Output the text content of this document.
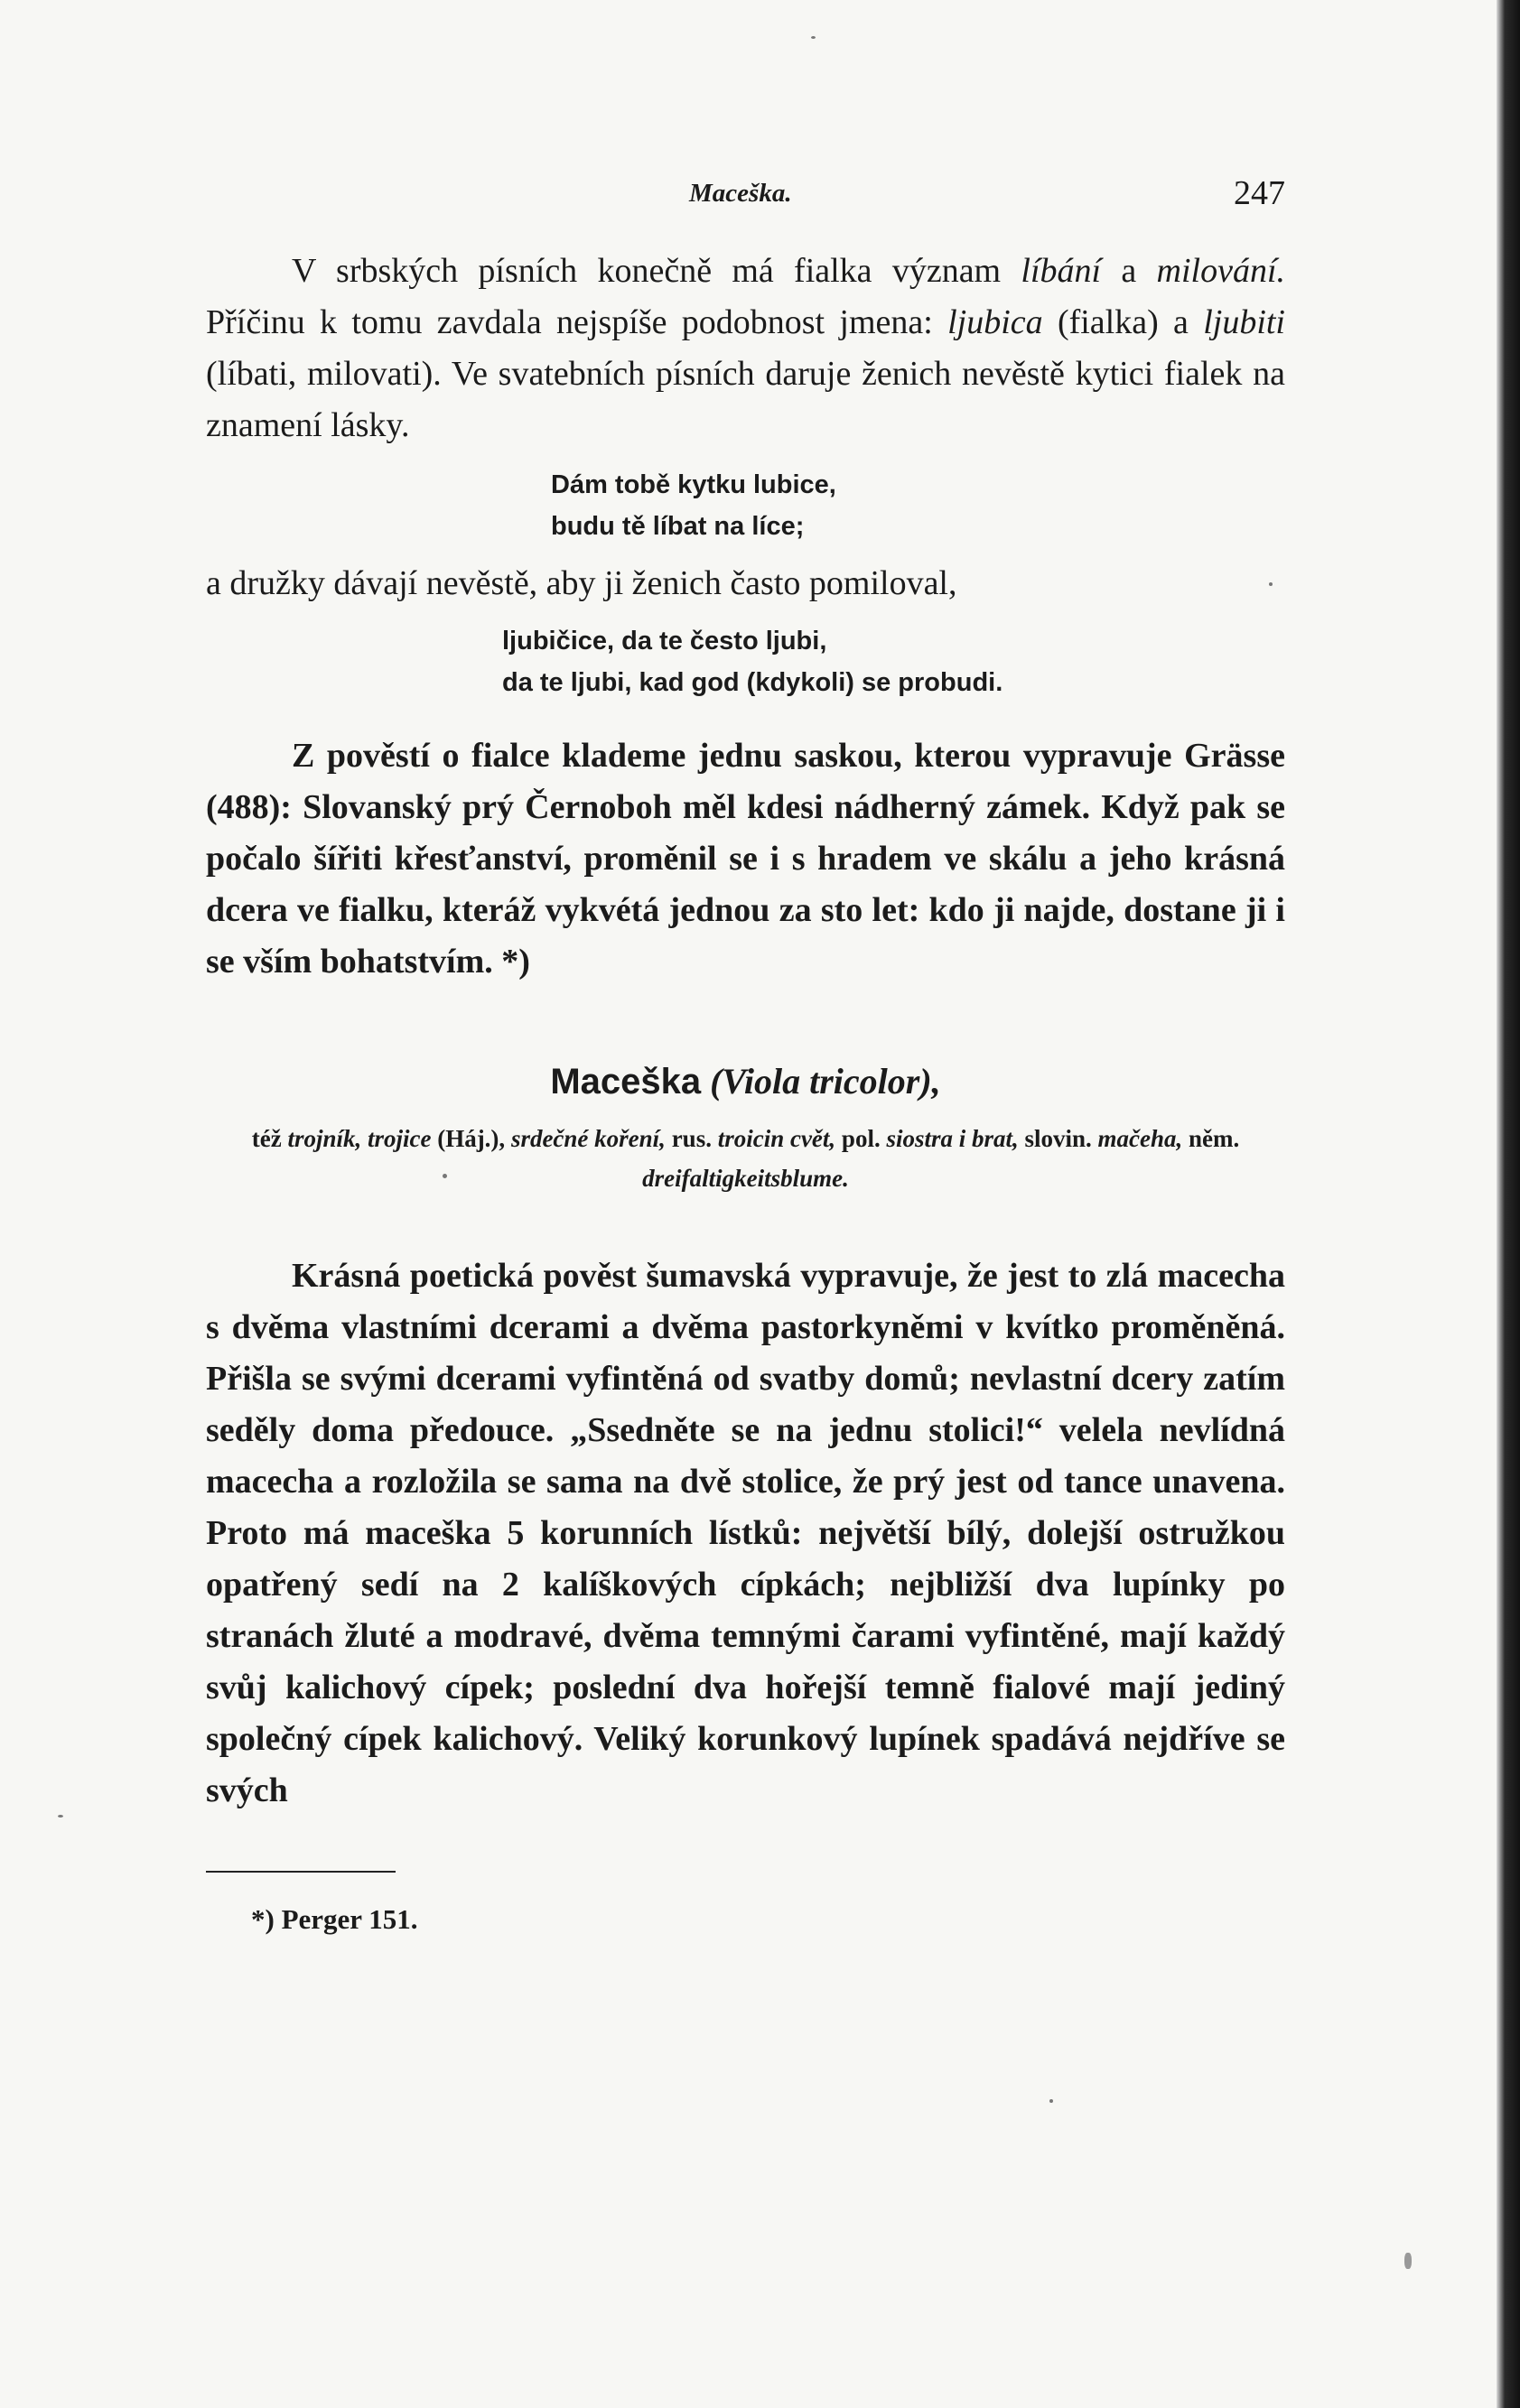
Maceška.	247

V srbských písních konečně má fialka význam líbání a milování. Příčinu k tomu zavdala nejspíše podobnost jmena: ljubica (fialka) a ljubiti (líbati, milovati). Ve svatebních písních daruje ženich nevěstě kytici fialek na znamení lásky.

Dám tobě kytku lubice,
budu tě líbat na líce;

a družky dávají nevěstě, aby ji ženich často pomiloval,

ljubičice, da te često ljubi,
da te ljubi, kad god (kdykoli) se probudi.

Z pověstí o fialce klademe jednu saskou, kterou vypravuje Grässe (488): Slovanský prý Černoboh měl kdesi nádherný zámek. Když pak se počalo šířiti křesťanství, proměnil se i s hradem ve skálu a jeho krásná dcera ve fialku, kteráž vykvétá jednou za sto let: kdo ji najde, dostane ji i se vším bohatstvím. *)

Maceška (Viola tricolor),

též trojník, trojice (Háj.), srdečné koření, rus. troicin cvět, pol. siostra i brat, slovin. mačeha, něm. dreifaltigkeitsblume.

Krásná poetická pověst šumavská vypravuje, že jest to zlá macecha s dvěma vlastními dcerami a dvěma pastorkyněmi v kvítko proměněná. Přišla se svými dcerami vyfintěná od svatby domů; nevlastní dcery zatím seděly doma předouce. „Ssedněte se na jednu stolici!“ velela nevlídná macecha a rozložila se sama na dvě stolice, že prý jest od tance unavena. Proto má maceška 5 korunních lístků: největší bílý, dolejší ostružkou opatřený sedí na 2 kalíškových cípkách; nejbližší dva lupínky po stranách žluté a modravé, dvěma temnými čarami vyfintěné, mají každý svůj kalichový cípek; poslední dva hořejší temně fialové mají jediný společný cípek kalichový. Veliký korunkový lupínek spadává nejdříve se svých

*) Perger 151.
